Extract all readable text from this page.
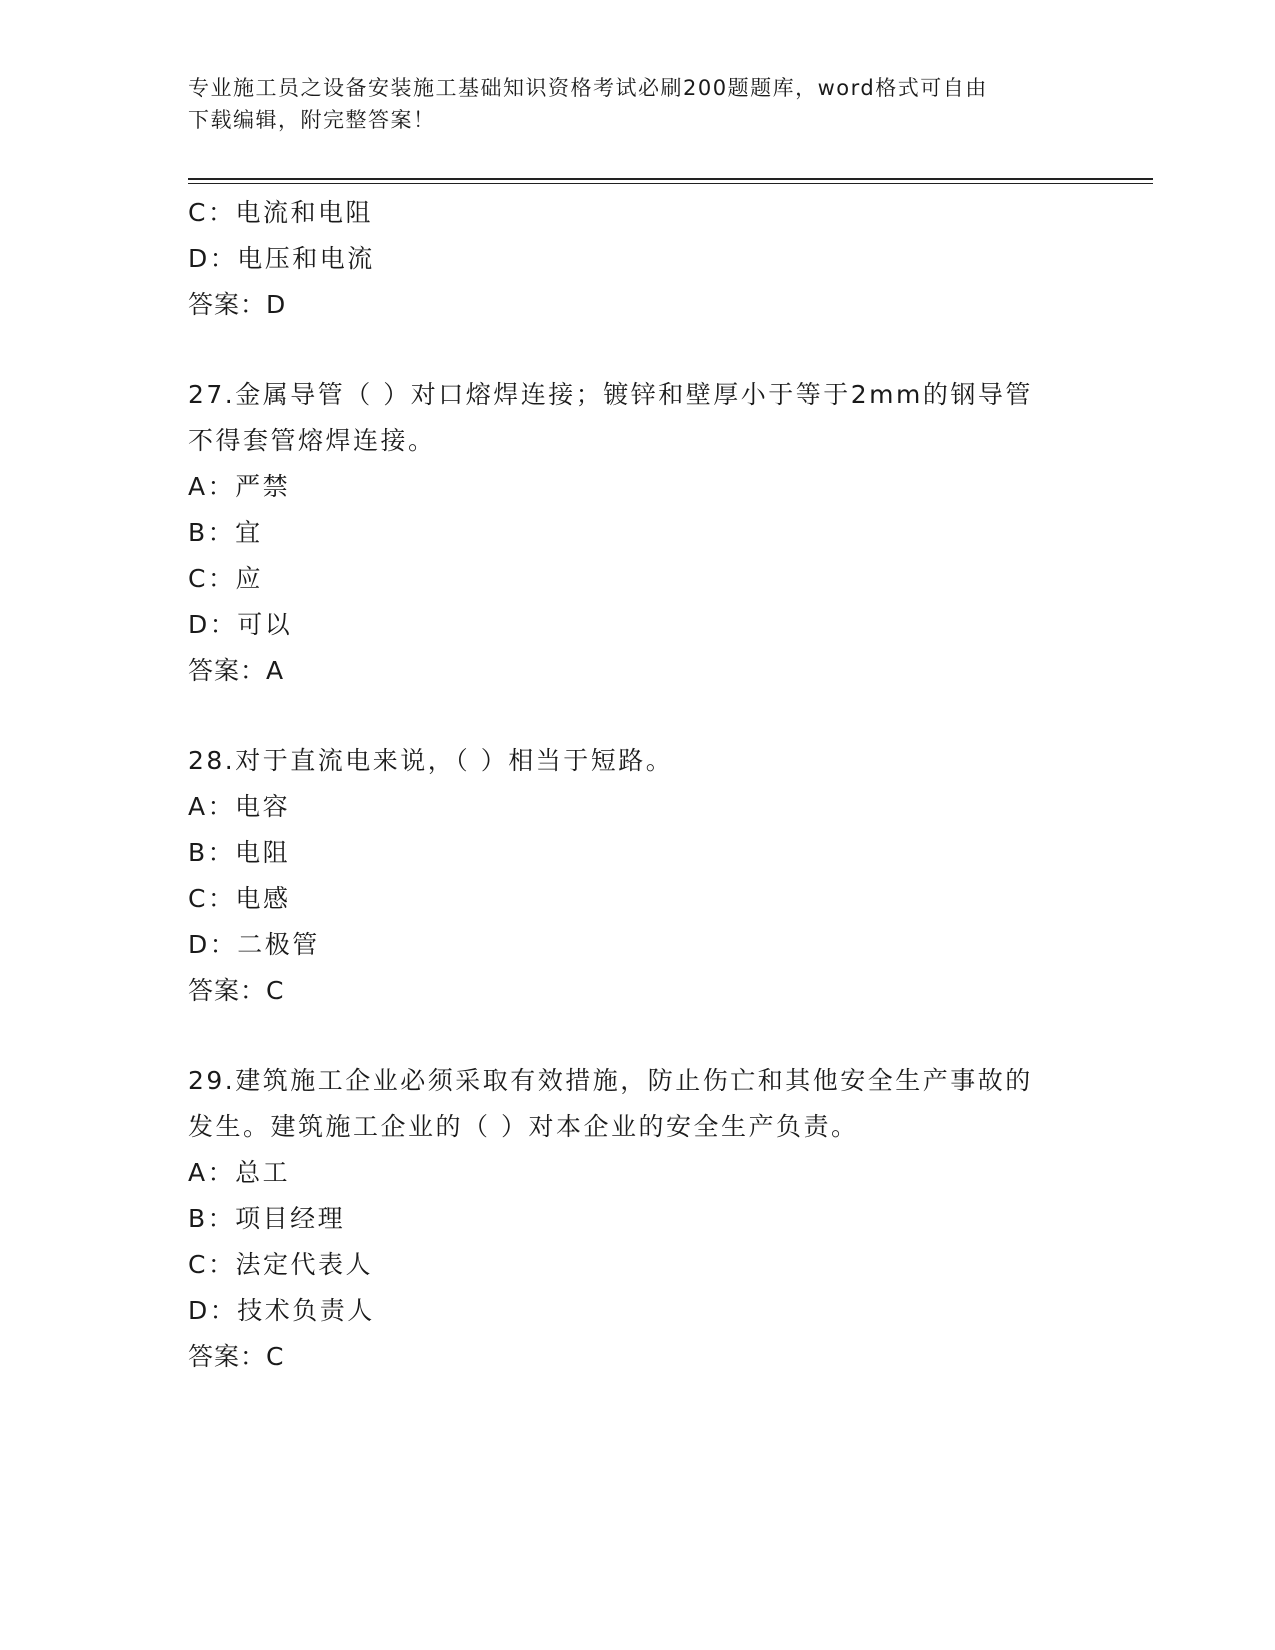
专业施工员之设备安装施工基础知识资格考试必刷200题题库，word格式可自由
下载编辑，附完整答案！
C：电流和电阻
D：电压和电流
答案：D
27.金属导管（ ）对口熔焊连接；镀锌和壁厚小于等于2mm的钢导管
不得套管熔焊连接。
A：严禁
B：宜
C：应
D：可以
答案：A
28.对于直流电来说，（ ）相当于短路。
A：电容
B：电阻
C：电感
D：二极管
答案：C
29.建筑施工企业必须采取有效措施，防止伤亡和其他安全生产事故的
发生。建筑施工企业的（ ）对本企业的安全生产负责。
A：总工
B：项目经理
C：法定代表人
D：技术负责人
答案：C
